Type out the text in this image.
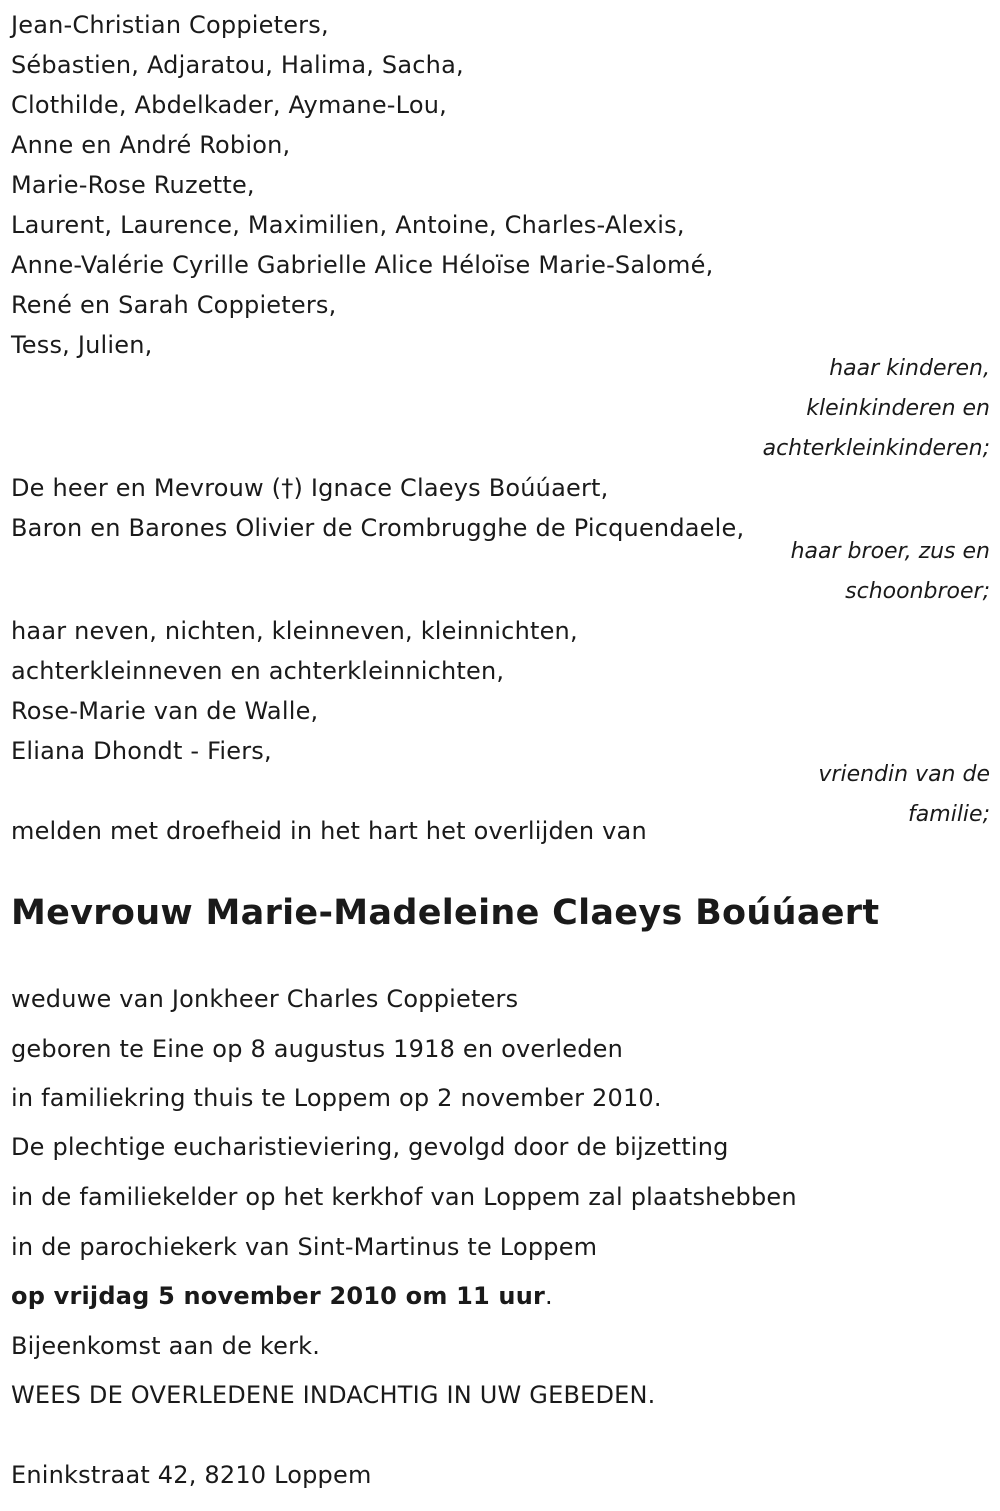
Jean-Christian Coppieters,
Sébastien, Adjaratou, Halima, Sacha,
Clothilde, Abdelkader, Aymane-Lou,
Anne en André Robion,
Marie-Rose Ruzette,
Laurent, Laurence, Maximilien, Antoine, Charles-Alexis,
Anne-Valérie Cyrille Gabrielle Alice Héloïse Marie-Salomé,
René en Sarah Coppieters,
Tess, Julien,
haar kinderen,
kleinkinderen en
achterkleinkinderen;
De heer en Mevrouw (†) Ignace Claeys Boúúaert,
Baron en Barones Olivier de Crombrugghe de Picquendaele,
haar broer, zus en
schoonbroer;
haar neven, nichten, kleinneven, kleinnichten,
achterkleinneven en achterkleinnichten,
Rose-Marie van de Walle,
Eliana Dhondt - Fiers,
vriendin van de
familie;
melden met droefheid in het hart het overlijden van
Mevrouw Marie-Madeleine Claeys Boúúaert
weduwe van Jonkheer Charles Coppieters
geboren te Eine op 8 augustus 1918 en overleden
in familiekring thuis te Loppem op 2 november 2010.
De plechtige eucharistieviering, gevolgd door de bijzetting
in de familiekelder op het kerkhof van Loppem zal plaatshebben
in de parochiekerk van Sint-Martinus te Loppem
op vrijdag 5 november 2010 om 11 uur.
Bijeenkomst aan de kerk.
WEES DE OVERLEDENE INDACHTIG IN UW GEBEDEN.
Eninkstraat 42, 8210 Loppem
